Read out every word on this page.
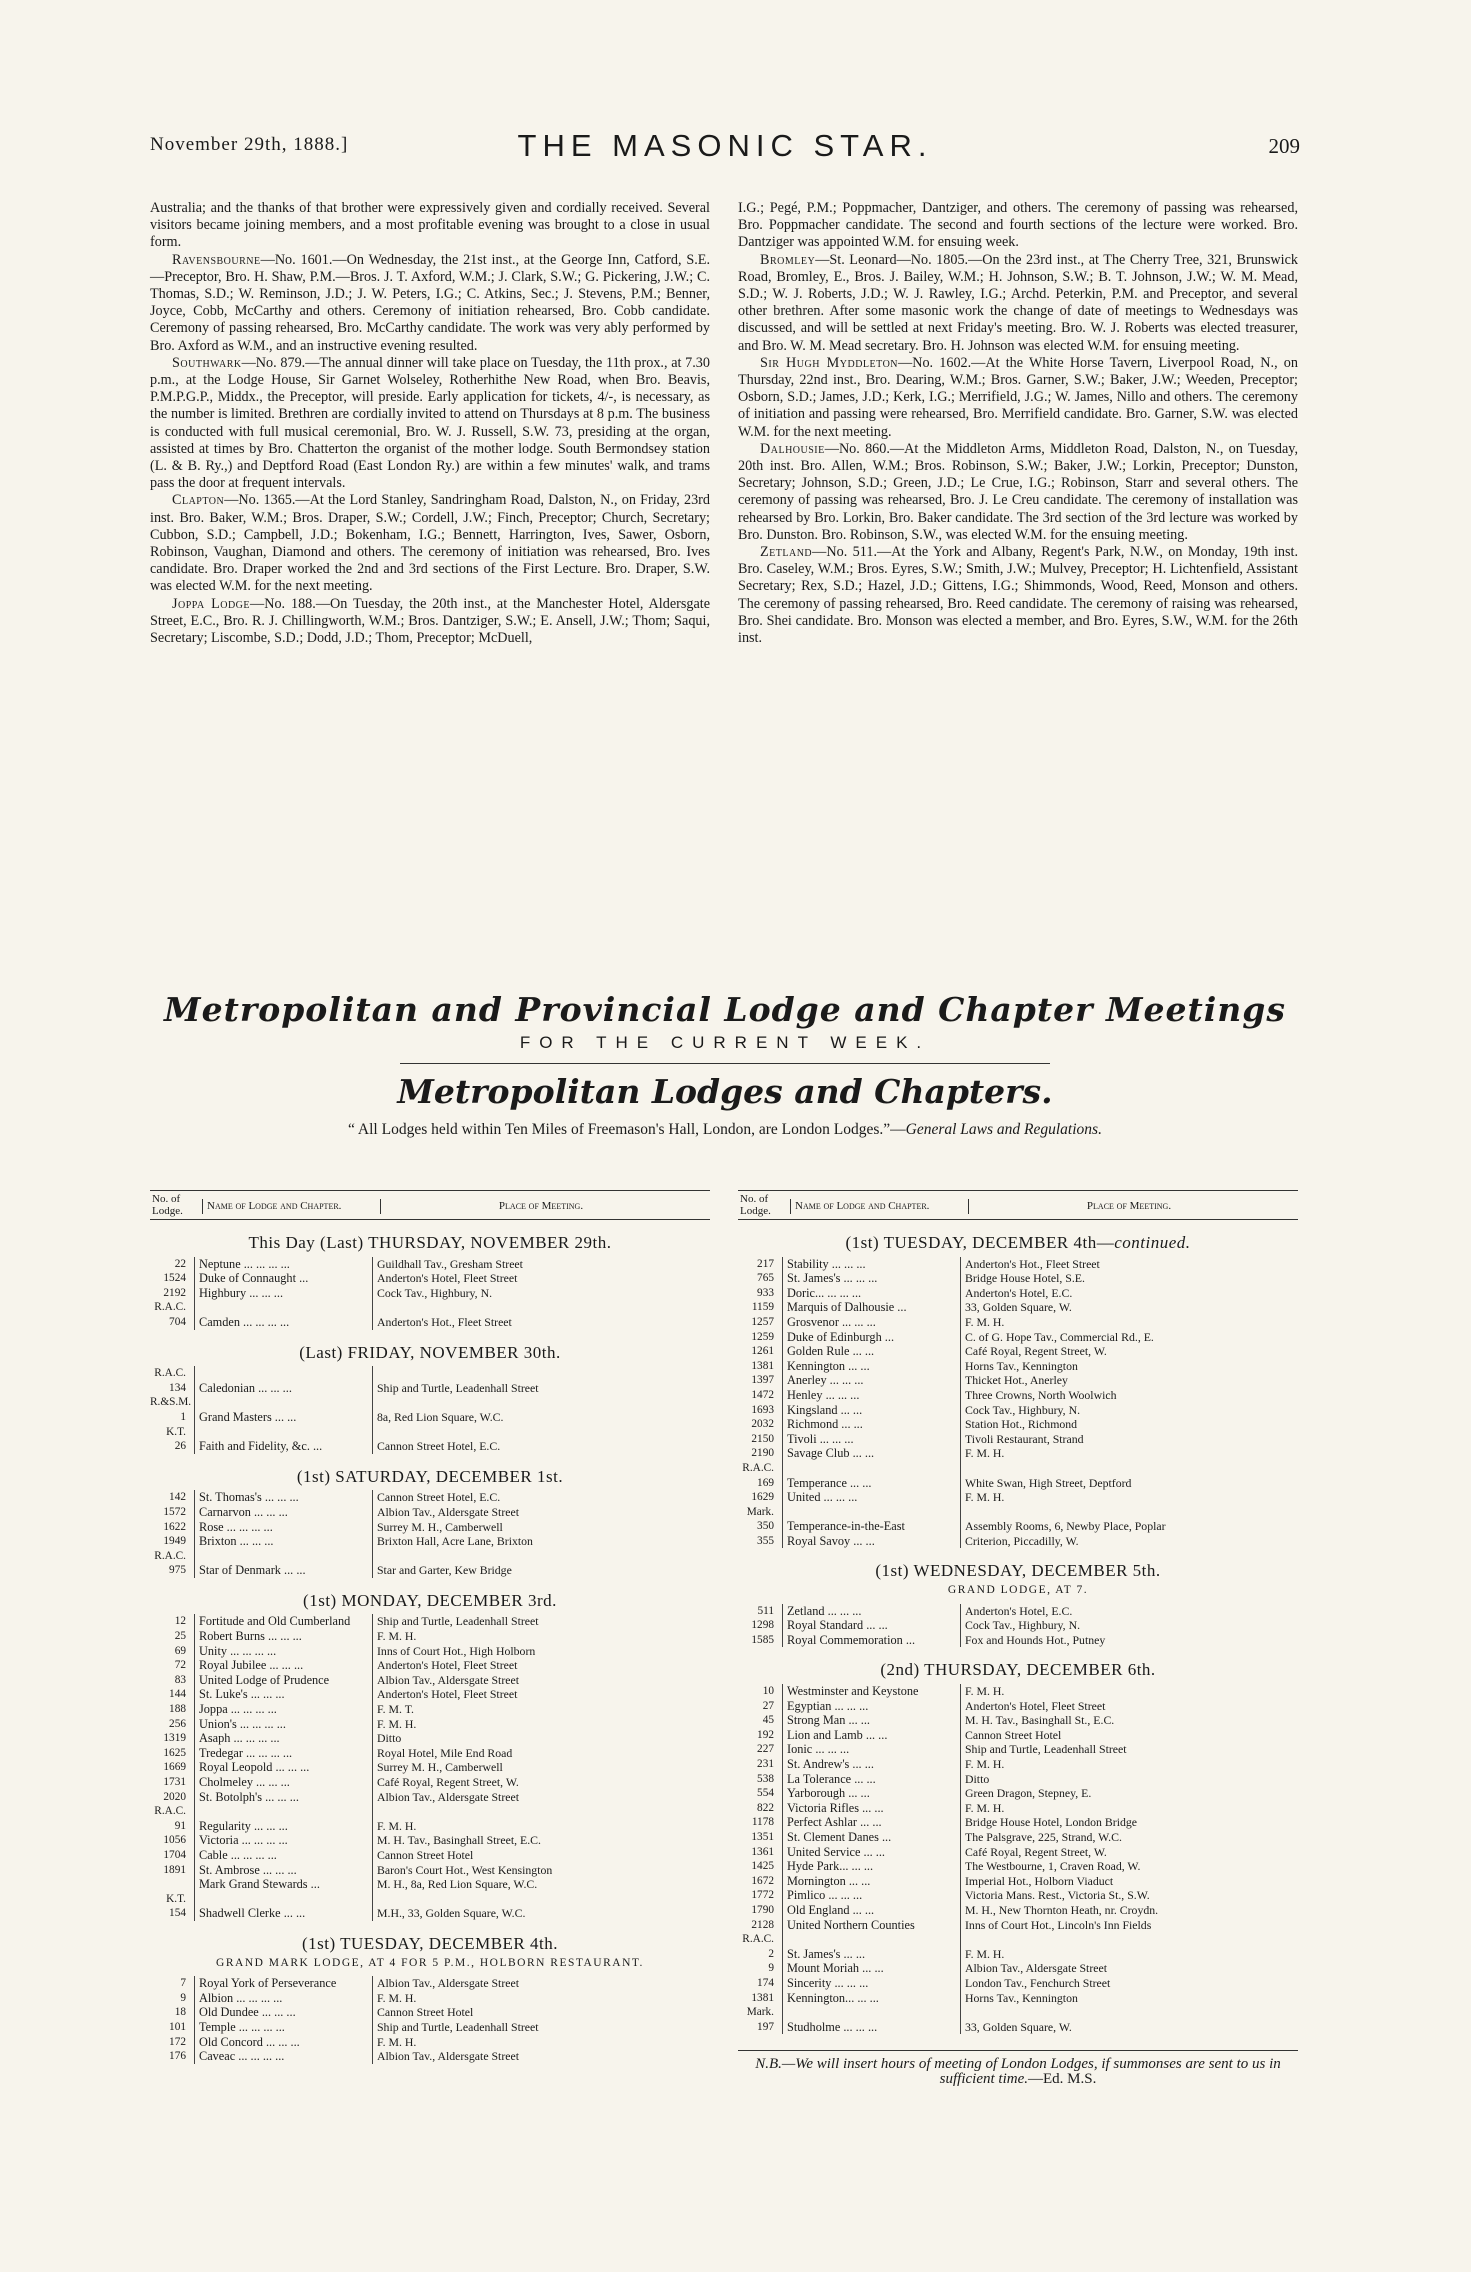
November 29th, 1888.]	THE MASONIC STAR.	209

Australia; and the thanks of that brother were expressively given and cordially received. Several visitors became joining members, and a most profitable evening was brought to a close in usual form.

Ravensbourne—No. 1601.—On Wednesday, the 21st inst., at the George Inn, Catford, S.E.—Preceptor, Bro. H. Shaw, P.M.—Bros. J. T. Axford, W.M.; J. Clark, S.W.; G. Pickering, J.W.; C. Thomas, S.D.; W. Reminson, J.D.; J. W. Peters, I.G.; C. Atkins, Sec.; J. Stevens, P.M.; Benner, Joyce, Cobb, McCarthy and others. Ceremony of initiation rehearsed, Bro. Cobb candidate. Ceremony of passing rehearsed, Bro. McCarthy candidate. The work was very ably performed by Bro. Axford as W.M., and an instructive evening resulted.

Southwark—No. 879.—The annual dinner will take place on Tuesday, the 11th prox., at 7.30 p.m., at the Lodge House, Sir Garnet Wolseley, Rotherhithe New Road, when Bro. Beavis, P.M.P.G.P., Middx., the Preceptor, will preside. Early application for tickets, 4/-, is necessary, as the number is limited. Brethren are cordially invited to attend on Thursdays at 8 p.m. The business is conducted with full musical ceremonial, Bro. W. J. Russell, S.W. 73, presiding at the organ, assisted at times by Bro. Chatterton the organist of the mother lodge. South Bermondsey station (L. & B. Ry.,) and Deptford Road (East London Ry.) are within a few minutes' walk, and trams pass the door at frequent intervals.

Clapton—No. 1365.—At the Lord Stanley, Sandringham Road, Dalston, N., on Friday, 23rd inst. Bro. Baker, W.M.; Bros. Draper, S.W.; Cordell, J.W.; Finch, Preceptor; Church, Secretary; Cubbon, S.D.; Campbell, J.D.; Bokenham, I.G.; Bennett, Harrington, Ives, Sawer, Osborn, Robinson, Vaughan, Diamond and others. The ceremony of initiation was rehearsed, Bro. Ives candidate. Bro. Draper worked the 2nd and 3rd sections of the First Lecture. Bro. Draper, S.W. was elected W.M. for the next meeting.

Joppa Lodge—No. 188.—On Tuesday, the 20th inst., at the Manchester Hotel, Aldersgate Street, E.C., Bro. R. J. Chillingworth, W.M.; Bros. Dantziger, S.W.; E. Ansell, J.W.; Thom; Saqui, Secretary; Liscombe, S.D.; Dodd, J.D.; Thom, Preceptor; McDuell,

I.G.; Pegé, P.M.; Poppmacher, Dantziger, and others. The ceremony of passing was rehearsed, Bro. Poppmacher candidate. The second and fourth sections of the lecture were worked. Bro. Dantziger was appointed W.M. for ensuing week.

Bromley—St. Leonard—No. 1805.—On the 23rd inst., at The Cherry Tree, 321, Brunswick Road, Bromley, E., Bros. J. Bailey, W.M.; H. Johnson, S.W.; B. T. Johnson, J.W.; W. M. Mead, S.D.; W. J. Roberts, J.D.; W. J. Rawley, I.G.; Archd. Peterkin, P.M. and Preceptor, and several other brethren. After some masonic work the change of date of meetings to Wednesdays was discussed, and will be settled at next Friday's meeting. Bro. W. J. Roberts was elected treasurer, and Bro. W. M. Mead secretary. Bro. H. Johnson was elected W.M. for ensuing meeting.

Sir Hugh Myddleton—No. 1602.—At the White Horse Tavern, Liverpool Road, N., on Thursday, 22nd inst., Bro. Dearing, W.M.; Bros. Garner, S.W.; Baker, J.W.; Weeden, Preceptor; Osborn, S.D.; James, J.D.; Kerk, I.G.; Merrifield, J.G.; W. James, Nillo and others. The ceremony of initiation and passing were rehearsed, Bro. Merrifield candidate. Bro. Garner, S.W. was elected W.M. for the next meeting.

Dalhousie—No. 860.—At the Middleton Arms, Middleton Road, Dalston, N., on Tuesday, 20th inst. Bro. Allen, W.M.; Bros. Robinson, S.W.; Baker, J.W.; Lorkin, Preceptor; Dunston, Secretary; Johnson, S.D.; Green, J.D.; Le Crue, I.G.; Robinson, Starr and several others. The ceremony of passing was rehearsed, Bro. J. Le Creu candidate. The ceremony of installation was rehearsed by Bro. Lorkin, Bro. Baker candidate. The 3rd section of the 3rd lecture was worked by Bro. Dunston. Bro. Robinson, S.W., was elected W.M. for the ensuing meeting.

Zetland—No. 511.—At the York and Albany, Regent's Park, N.W., on Monday, 19th inst. Bro. Caseley, W.M.; Bros. Eyres, S.W.; Smith, J.W.; Mulvey, Preceptor; H. Lichtenfield, Assistant Secretary; Rex, S.D.; Hazel, J.D.; Gittens, I.G.; Shimmonds, Wood, Reed, Monson and others. The ceremony of passing rehearsed, Bro. Reed candidate. The ceremony of raising was rehearsed, Bro. Shei candidate. Bro. Monson was elected a member, and Bro. Eyres, S.W., W.M. for the 26th inst.

Metropolitan and Provincial Lodge and Chapter Meetings
FOR THE CURRENT WEEK.
Metropolitan Lodges and Chapters.
“ All Lodges held within Ten Miles of Freemason's Hall, London, are London Lodges.”—General Laws and Regulations.
No. of Lodge.	Name of Lodge and Chapter.	Place of Meeting.
This Day (Last) THURSDAY, NOVEMBER 29th.
22	Neptune ... ... ... ...	Guildhall Tav., Gresham Street
1524	Duke of Connaught ...	Anderton's Hotel, Fleet Street
2192	Highbury ... ... ...	Cock Tav., Highbury, N.
R.A.C.
704	Camden ... ... ... ...	Anderton's Hot., Fleet Street
(Last) FRIDAY, NOVEMBER 30th.
R.A.C.
134	Caledonian ... ... ...	Ship and Turtle, Leadenhall Street
R.&S.M.
1	Grand Masters ... ...	8a, Red Lion Square, W.C.
K.T.
26	Faith and Fidelity, &c. ...	Cannon Street Hotel, E.C.
(1st) SATURDAY, DECEMBER 1st.
142	St. Thomas's ... ... ...	Cannon Street Hotel, E.C.
1572	Carnarvon ... ... ...	Albion Tav., Aldersgate Street
1622	Rose ... ... ... ...	Surrey M. H., Camberwell
1949	Brixton ... ... ...	Brixton Hall, Acre Lane, Brixton
R.A.C.
975	Star of Denmark ... ...	Star and Garter, Kew Bridge
(1st) MONDAY, DECEMBER 3rd.
12	Fortitude and Old Cumberland	Ship and Turtle, Leadenhall Street
25	Robert Burns ... ... ...	F. M. H.
69	Unity ... ... ... ...	Inns of Court Hot., High Holborn
72	Royal Jubilee ... ... ...	Anderton's Hotel, Fleet Street
83	United Lodge of Prudence	Albion Tav., Aldersgate Street
144	St. Luke's ... ... ...	Anderton's Hotel, Fleet Street
188	Joppa ... ... ... ...	F. M. T.
256	Union's ... ... ... ...	F. M. H.
1319	Asaph ... ... ... ...	Ditto
1625	Tredegar ... ... ... ...	Royal Hotel, Mile End Road
1669	Royal Leopold ... ... ...	Surrey M. H., Camberwell
1731	Cholmeley ... ... ...	Café Royal, Regent Street, W.
2020	St. Botolph's ... ... ...	Albion Tav., Aldersgate Street
R.A.C.
91	Regularity ... ... ...	F. M. H.
1056	Victoria ... ... ... ...	M. H. Tav., Basinghall Street, E.C.
1704	Cable ... ... ... ...	Cannon Street Hotel
1891	St. Ambrose ... ... ...	Baron's Court Hot., West Kensington
Mark Grand Stewards ...	M. H., 8a, Red Lion Square, W.C.
K.T.
154	Shadwell Clerke ... ...	M.H., 33, Golden Square, W.C.
(1st) TUESDAY, DECEMBER 4th.
GRAND MARK LODGE, AT 4 FOR 5 P.M., HOLBORN RESTAURANT.
7	Royal York of Perseverance	Albion Tav., Aldersgate Street
9	Albion ... ... ... ...	F. M. H.
18	Old Dundee ... ... ...	Cannon Street Hotel
101	Temple ... ... ... ...	Ship and Turtle, Leadenhall Street
172	Old Concord ... ... ...	F. M. H.
176	Caveac ... ... ... ...	Albion Tav., Aldersgate Street
No. of Lodge.	Name of Lodge and Chapter.	Place of Meeting.
(1st) TUESDAY, DECEMBER 4th—continued.
217	Stability ... ... ...	Anderton's Hot., Fleet Street
765	St. James's ... ... ...	Bridge House Hotel, S.E.
933	Doric... ... ... ...	Anderton's Hotel, E.C.
1159	Marquis of Dalhousie ...	33, Golden Square, W.
1257	Grosvenor ... ... ...	F. M. H.
1259	Duke of Edinburgh ...	C. of G. Hope Tav., Commercial Rd., E.
1261	Golden Rule ... ...	Café Royal, Regent Street, W.
1381	Kennington ... ...	Horns Tav., Kennington
1397	Anerley ... ... ...	Thicket Hot., Anerley
1472	Henley ... ... ...	Three Crowns, North Woolwich
1693	Kingsland ... ...	Cock Tav., Highbury, N.
2032	Richmond ... ...	Station Hot., Richmond
2150	Tivoli ... ... ...	Tivoli Restaurant, Strand
2190	Savage Club ... ...	F. M. H.
R.A.C.
169	Temperance ... ...	White Swan, High Street, Deptford
1629	United ... ... ...	F. M. H.
Mark.
350	Temperance-in-the-East	Assembly Rooms, 6, Newby Place, Poplar
355	Royal Savoy ... ...	Criterion, Piccadilly, W.
(1st) WEDNESDAY, DECEMBER 5th.
GRAND LODGE, AT 7.
511	Zetland ... ... ...	Anderton's Hotel, E.C.
1298	Royal Standard ... ...	Cock Tav., Highbury, N.
1585	Royal Commemoration ...	Fox and Hounds Hot., Putney
(2nd) THURSDAY, DECEMBER 6th.
10	Westminster and Keystone	F. M. H.
27	Egyptian ... ... ...	Anderton's Hotel, Fleet Street
45	Strong Man ... ...	M. H. Tav., Basinghall St., E.C.
192	Lion and Lamb ... ...	Cannon Street Hotel
227	Ionic ... ... ...	Ship and Turtle, Leadenhall Street
231	St. Andrew's ... ...	F. M. H.
538	La Tolerance ... ...	Ditto
554	Yarborough ... ...	Green Dragon, Stepney, E.
822	Victoria Rifles ... ...	F. M. H.
1178	Perfect Ashlar ... ...	Bridge House Hotel, London Bridge
1351	St. Clement Danes ...	The Palsgrave, 225, Strand, W.C.
1361	United Service ... ...	Café Royal, Regent Street, W.
1425	Hyde Park... ... ...	The Westbourne, 1, Craven Road, W.
1672	Mornington ... ...	Imperial Hot., Holborn Viaduct
1772	Pimlico ... ... ...	Victoria Mans. Rest., Victoria St., S.W.
1790	Old England ... ...	M. H., New Thornton Heath, nr. Croydn.
2128	United Northern Counties	Inns of Court Hot., Lincoln's Inn Fields
R.A.C.
2	St. James's ... ...	F. M. H.
9	Mount Moriah ... ...	Albion Tav., Aldersgate Street
174	Sincerity ... ... ...	London Tav., Fenchurch Street
1381	Kennington... ... ...	Horns Tav., Kennington
Mark.
197	Studholme ... ... ...	33, Golden Square, W.
N.B.—We will insert hours of meeting of London Lodges, if summonses are sent to us in sufficient time.—Ed. M.S.
